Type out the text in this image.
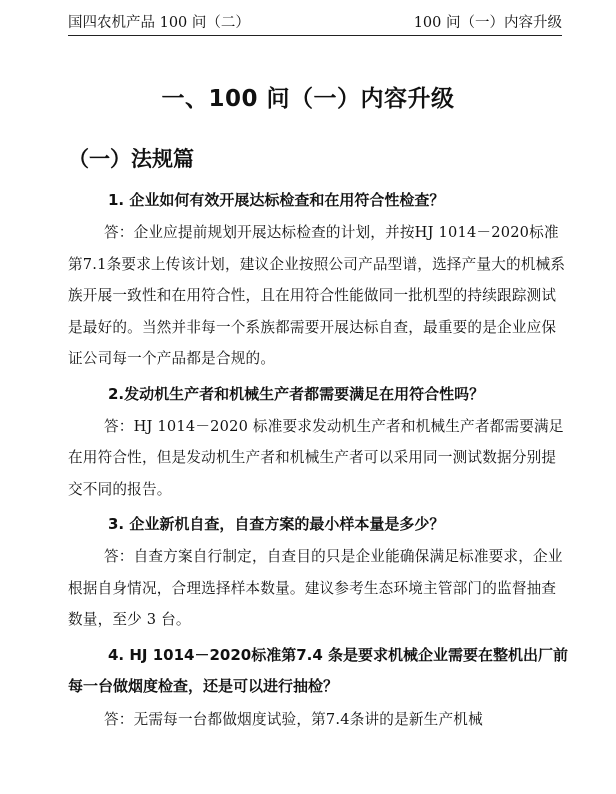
国四农机产品 100 问（二）	100 问（一）内容升级
一、100 问（一）内容升级
（一）法规篇

1. 企业如何有效开展达标检查和在用符合性检查？

答：企业应提前规划开展达标检查的计划，并按HJ 1014－2020标准第7.1条要求上传该计划，建议企业按照公司产品型谱，选择产量大的机械系族开展一致性和在用符合性，且在用符合性能做同一批机型的持续跟踪测试是最好的。当然并非每一个系族都需要开展达标自查，最重要的是企业应保证公司每一个产品都是合规的。

2.发动机生产者和机械生产者都需要满足在用符合性吗？

答：HJ 1014－2020 标准要求发动机生产者和机械生产者都需要满足在用符合性，但是发动机生产者和机械生产者可以采用同一测试数据分别提交不同的报告。

3. 企业新机自查，自查方案的最小样本量是多少？

答：自查方案自行制定，自查目的只是企业能确保满足标准要求，企业根据自身情况，合理选择样本数量。建议参考生态环境主管部门的监督抽查数量，至少 3 台。

4. HJ 1014－2020标准第7.4 条是要求机械企业需要在整机出厂前每一台做烟度检查，还是可以进行抽检？

答：无需每一台都做烟度试验，第7.4条讲的是新生产机械
